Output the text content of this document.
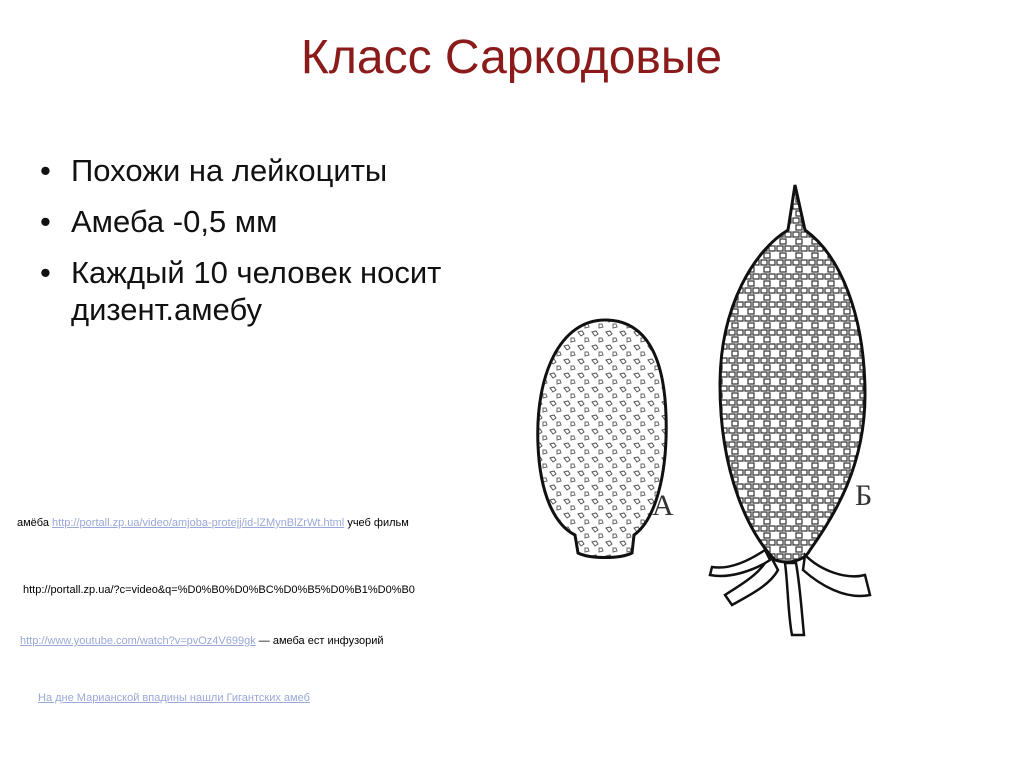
Класс Саркодовые
• Похожи на лейкоциты
• Амеба -0,5 мм
• Каждый 10 человек носит дизент.амебу
амёба http://portall.zp.ua/video/amjoba-protejj/id-lZMynBlZrWt.html учеб фильм
http://portall.zp.ua/?c=video&q=%D0%B0%D0%BC%D0%B5%D0%B1%D0%B0
http://www.youtube.com/watch?v=pvOz4V699gk — амеба ест инфузорий
На дне Марианской впадины нашли Гигантских амеб
А	Б
